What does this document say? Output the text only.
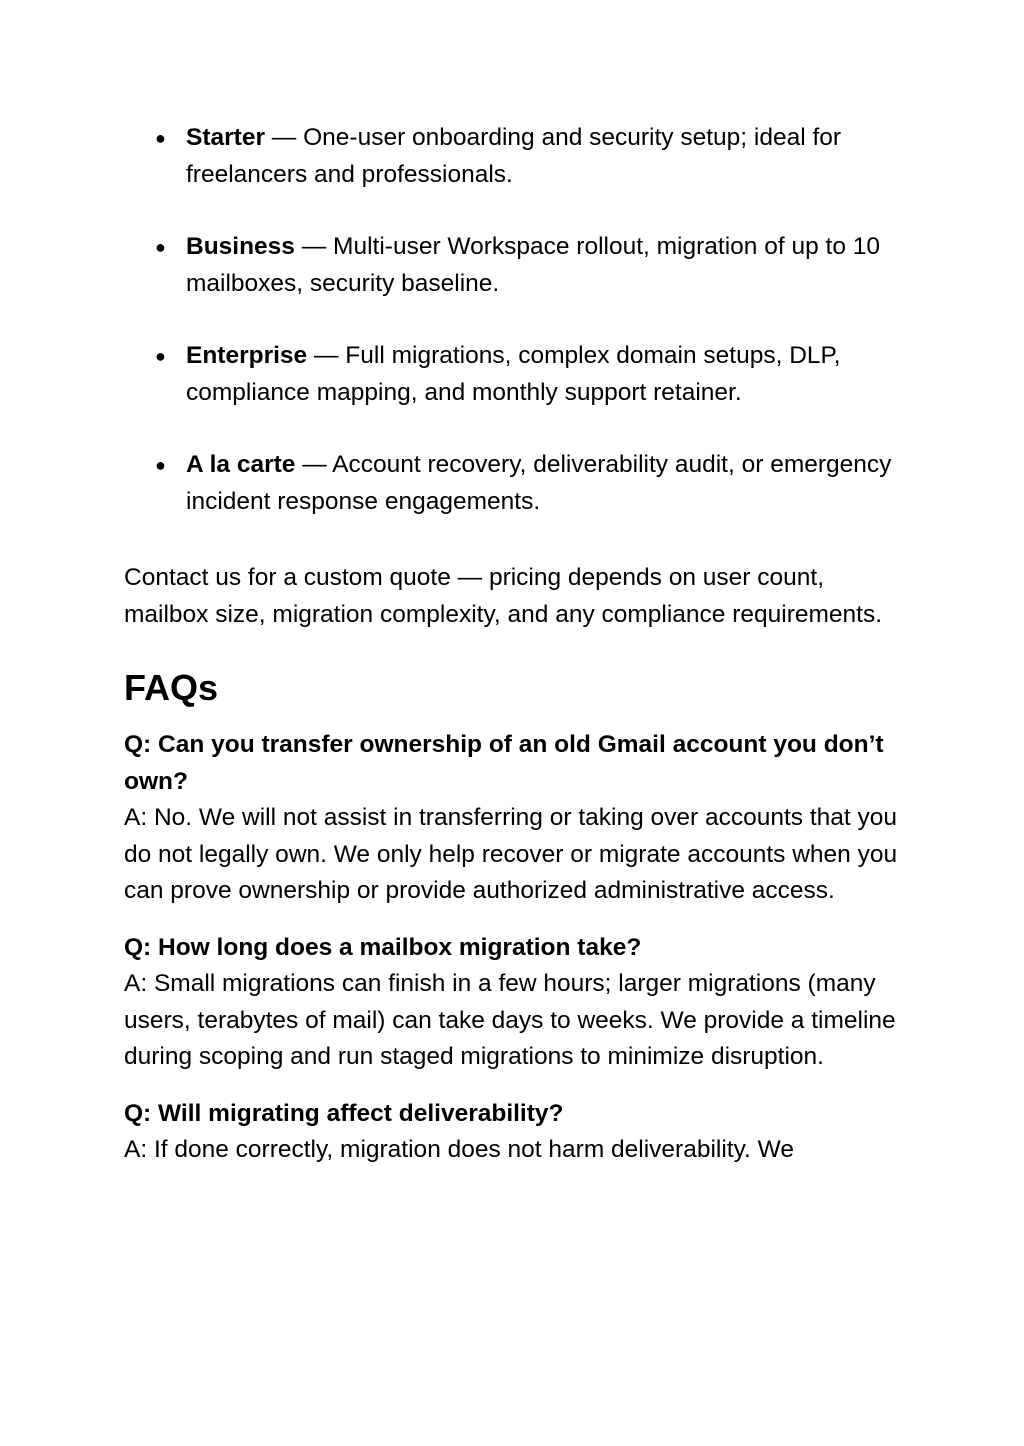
● Starter — One‑user onboarding and security setup; ideal for freelancers and professionals.
● Business — Multi‑user Workspace rollout, migration of up to 10 mailboxes, security baseline.
● Enterprise — Full migrations, complex domain setups, DLP, compliance mapping, and monthly support retainer.
● A la carte — Account recovery, deliverability audit, or emergency incident response engagements.

Contact us for a custom quote — pricing depends on user count, mailbox size, migration complexity, and any compliance requirements.

FAQs

Q: Can you transfer ownership of an old Gmail account you don’t own?

A: No. We will not assist in transferring or taking over accounts that you do not legally own. We only help recover or migrate accounts when you can prove ownership or provide authorized administrative access.

Q: How long does a mailbox migration take?

A: Small migrations can finish in a few hours; larger migrations (many users, terabytes of mail) can take days to weeks. We provide a timeline during scoping and run staged migrations to minimize disruption.

Q: Will migrating affect deliverability?

A: If done correctly, migration does not harm deliverability. We
